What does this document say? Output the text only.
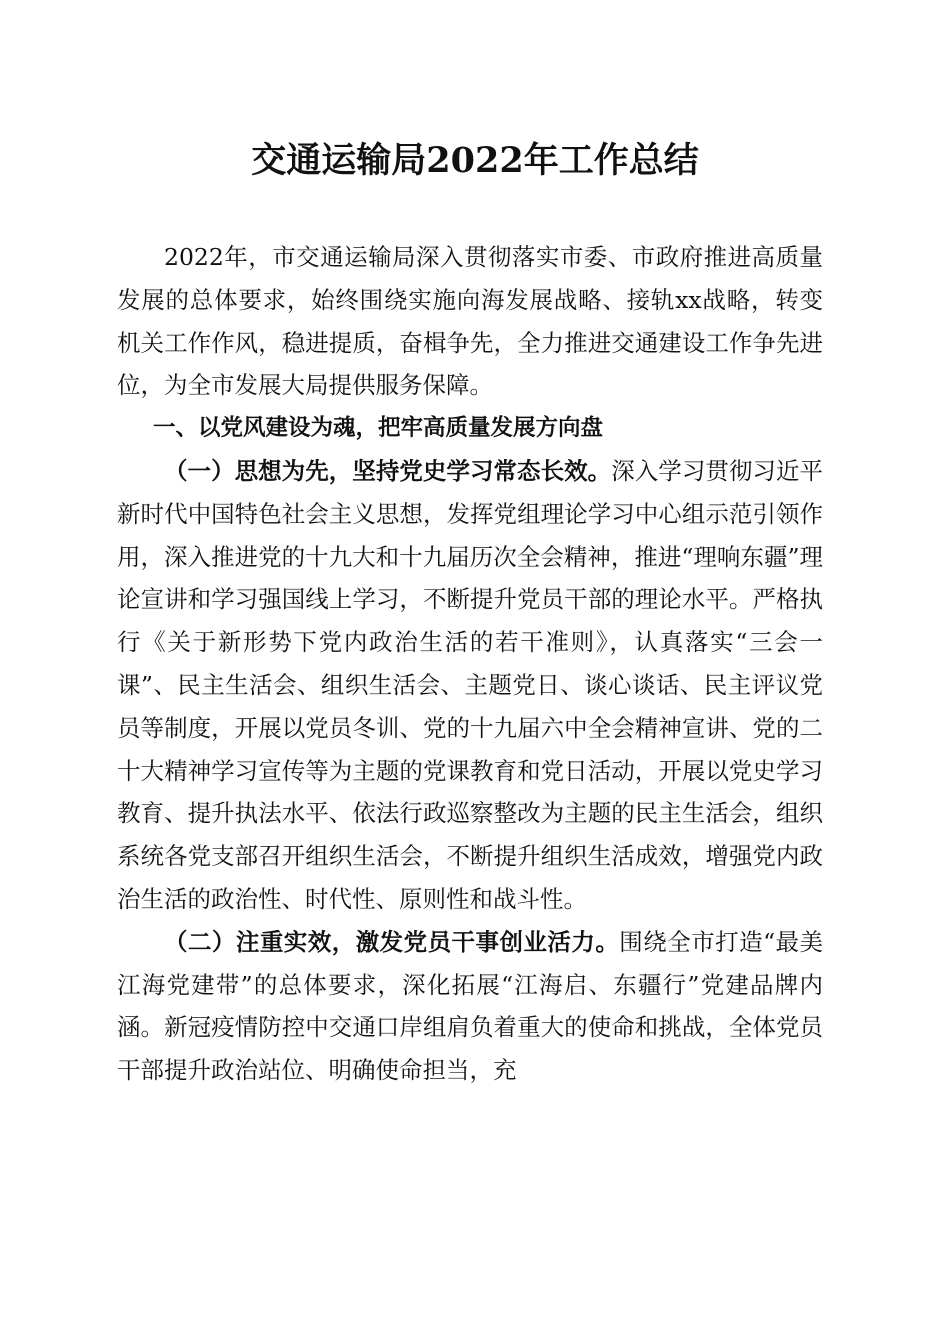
交通运输局2022年工作总结

2022年，市交通运输局深入贯彻落实市委、市政府推进高质量发展的总体要求，始终围绕实施向海发展战略、接轨xx战略，转变机关工作作风，稳进提质，奋楫争先，全力推进交通建设工作争先进位，为全市发展大局提供服务保障。

一、以党风建设为魂，把牢高质量发展方向盘

（一）思想为先，坚持党史学习常态长效。深入学习贯彻习近平新时代中国特色社会主义思想，发挥党组理论学习中心组示范引领作用，深入推进党的十九大和十九届历次全会精神，推进“理响东疆”理论宣讲和学习强国线上学习，不断提升党员干部的理论水平。严格执行《关于新形势下党内政治生活的若干准则》，认真落实“三会一课”、民主生活会、组织生活会、主题党日、谈心谈话、民主评议党员等制度，开展以党员冬训、党的十九届六中全会精神宣讲、党的二十大精神学习宣传等为主题的党课教育和党日活动，开展以党史学习教育、提升执法水平、依法行政巡察整改为主题的民主生活会，组织系统各党支部召开组织生活会，不断提升组织生活成效，增强党内政治生活的政治性、时代性、原则性和战斗性。

（二）注重实效，激发党员干事创业活力。围绕全市打造“最美江海党建带”的总体要求，深化拓展“江海启、东疆行”党建品牌内涵。新冠疫情防控中交通口岸组肩负着重大的使命和挑战，全体党员干部提升政治站位、明确使命担当，充
